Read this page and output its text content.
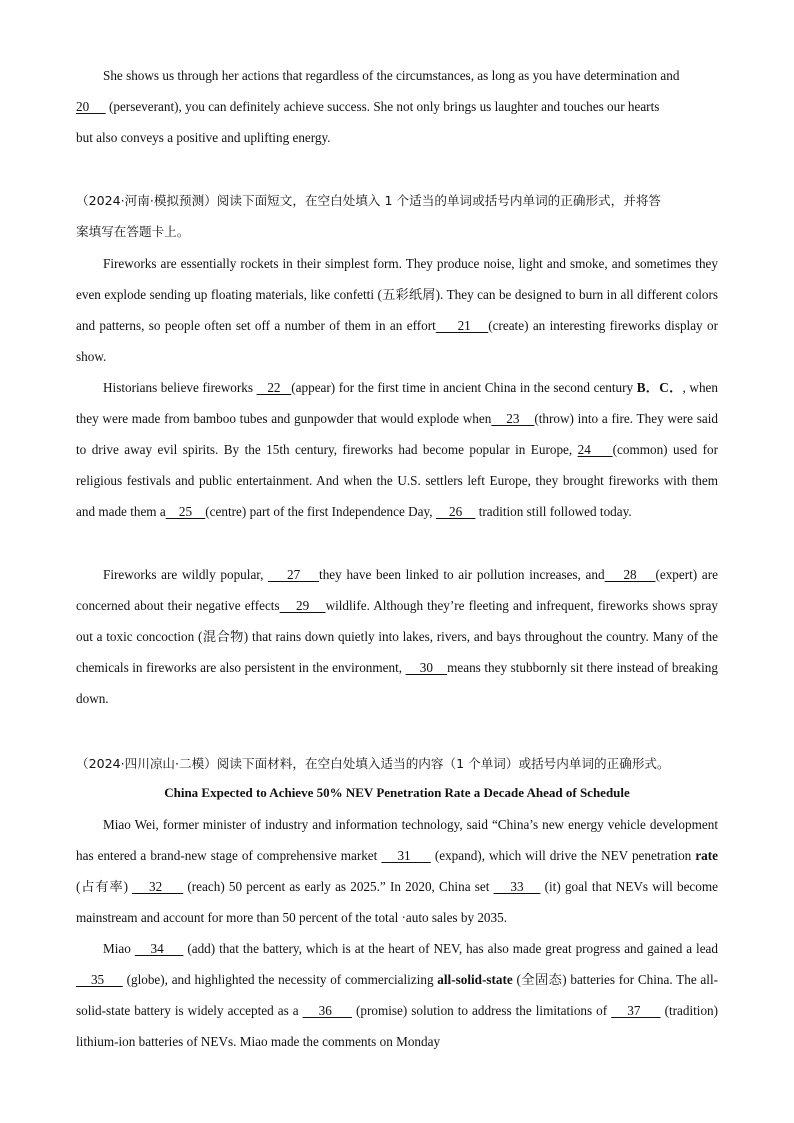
She shows us through her actions that regardless of the circumstances, as long as you have determination and
20      (perseverant), you can definitely achieve success. She not only brings us laughter and touches our hearts
but also conveys a positive and uplifting energy.
（2024·河南·模拟预测）阅读下面短文，在空白处填入 1 个适当的单词或括号内单词的正确形式，并将答
案填写在答题卡上。
Fireworks are essentially rockets in their simplest form. They produce noise, light and smoke, and sometimes they even explode sending up floating materials, like confetti (五彩纸屑). They can be designed to burn in all different colors and patterns, so people often set off a number of them in an effort     21    (create) an interesting fireworks display or show.
Historians believe fireworks    22   (appear) for the first time in ancient China in the second century B．C．, when they were made from bamboo tubes and gunpowder that would explode when    23    (throw) into a fire. They were said to drive away evil spirits. By the 15th century, fireworks had become popular in Europe, 24    (common) used for religious festivals and public entertainment. And when the U.S. settlers left Europe, they brought fireworks with them and made them a    25    (centre) part of the first Independence Day,     26     tradition still followed today.
Fireworks are wildly popular,     27    they have been linked to air pollution increases, and    28    (expert) are concerned about their negative effects    29    wildlife. Although they’re fleeting and infrequent, fireworks shows spray out a toxic concoction (混合物) that rains down quietly into lakes, rivers, and bays throughout the country. Many of the chemicals in fireworks are also persistent in the environment,     30    means they stubbornly sit there instead of breaking down.
（2024·四川凉山·二模）阅读下面材料，在空白处填入适当的内容（1 个单词）或括号内单词的正确形式。
China Expected to Achieve 50% NEV Penetration Rate a Decade Ahead of Schedule
Miao Wei, former minister of industry and information technology, said “China’s new energy vehicle development has entered a brand-new stage of comprehensive market     31      (expand), which will drive the NEV penetration rate (占有率)     32      (reach) 50 percent as early as 2025.” In 2020, China set     33     (it) goal that NEVs will become mainstream and account for more than 50 percent of the total ·auto sales by 2035.
Miao     34      (add) that the battery, which is at the heart of NEV, has also made great progress and gained a lead     35      (globe), and highlighted the necessity of commercializing all-solid-state (全固态) batteries for China. The all-solid-state battery is widely accepted as a     36      (promise) solution to address the limitations of     37      (tradition) lithium-ion batteries of NEVs. Miao made the comments on Monday
